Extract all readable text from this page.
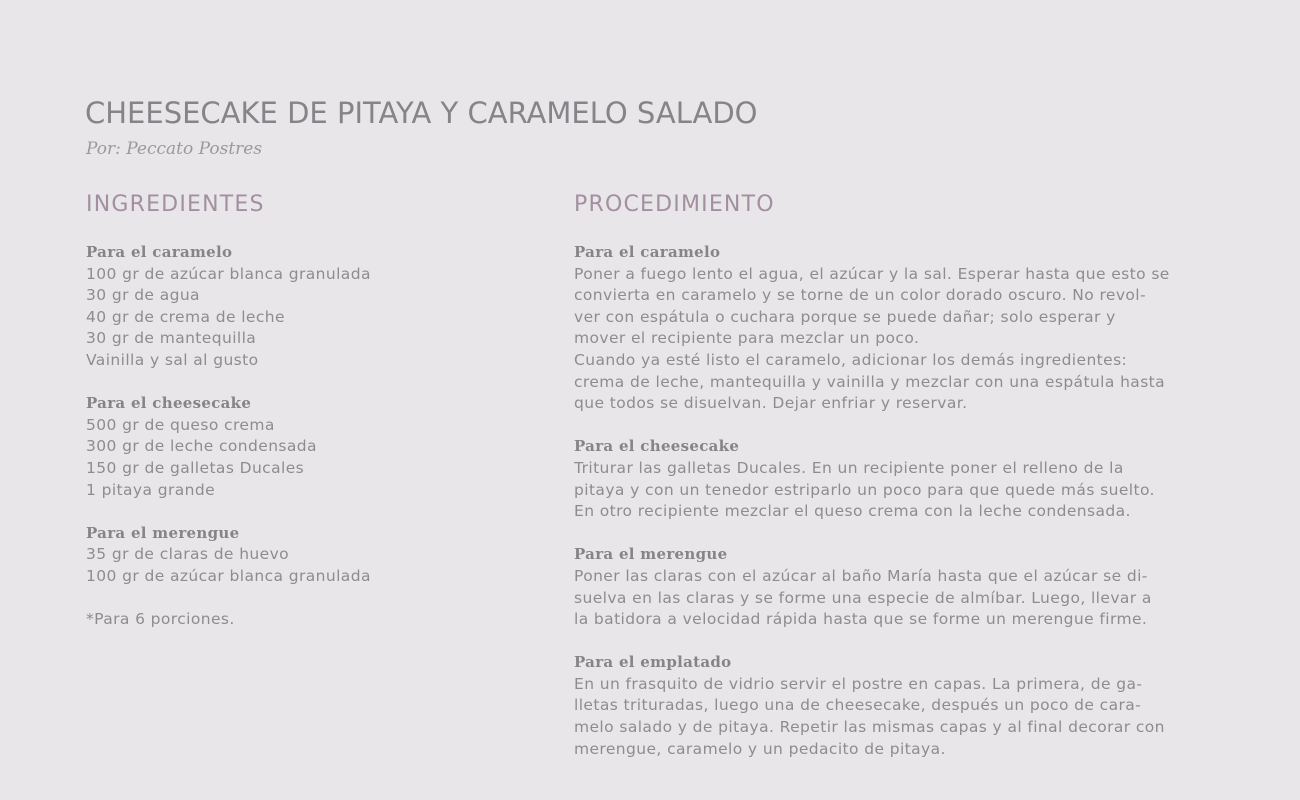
CHEESECAKE DE PITAYA Y CARAMELO SALADO
Por: Peccato Postres
INGREDIENTES
Para el caramelo
100 gr de azúcar blanca granulada
30 gr de agua
40 gr de crema de leche
30 gr de mantequilla
Vainilla y sal al gusto
Para el cheesecake
500 gr de queso crema
300 gr de leche condensada
150 gr de galletas Ducales
1 pitaya grande
Para el merengue
35 gr de claras de huevo
100 gr de azúcar blanca granulada
*Para 6 porciones.
PROCEDIMIENTO
Para el caramelo
Poner a fuego lento el agua, el azúcar y la sal. Esperar hasta que esto se
convierta en caramelo y se torne de un color dorado oscuro. No revol-
ver con espátula o cuchara porque se puede dañar; solo esperar y
mover el recipiente para mezclar un poco.
Cuando ya esté listo el caramelo, adicionar los demás ingredientes:
crema de leche, mantequilla y vainilla y mezclar con una espátula hasta
que todos se disuelvan. Dejar enfriar y reservar.
Para el cheesecake
Triturar las galletas Ducales. En un recipiente poner el relleno de la
pitaya y con un tenedor estriparlo un poco para que quede más suelto.
En otro recipiente mezclar el queso crema con la leche condensada.
Para el merengue
Poner las claras con el azúcar al baño María hasta que el azúcar se di-
suelva en las claras y se forme una especie de almíbar. Luego, llevar a
la batidora a velocidad rápida hasta que se forme un merengue firme.
Para el emplatado
En un frasquito de vidrio servir el postre en capas. La primera, de ga-
lletas trituradas, luego una de cheesecake, después un poco de cara-
melo salado y de pitaya. Repetir las mismas capas y al final decorar con
merengue, caramelo y un pedacito de pitaya.
